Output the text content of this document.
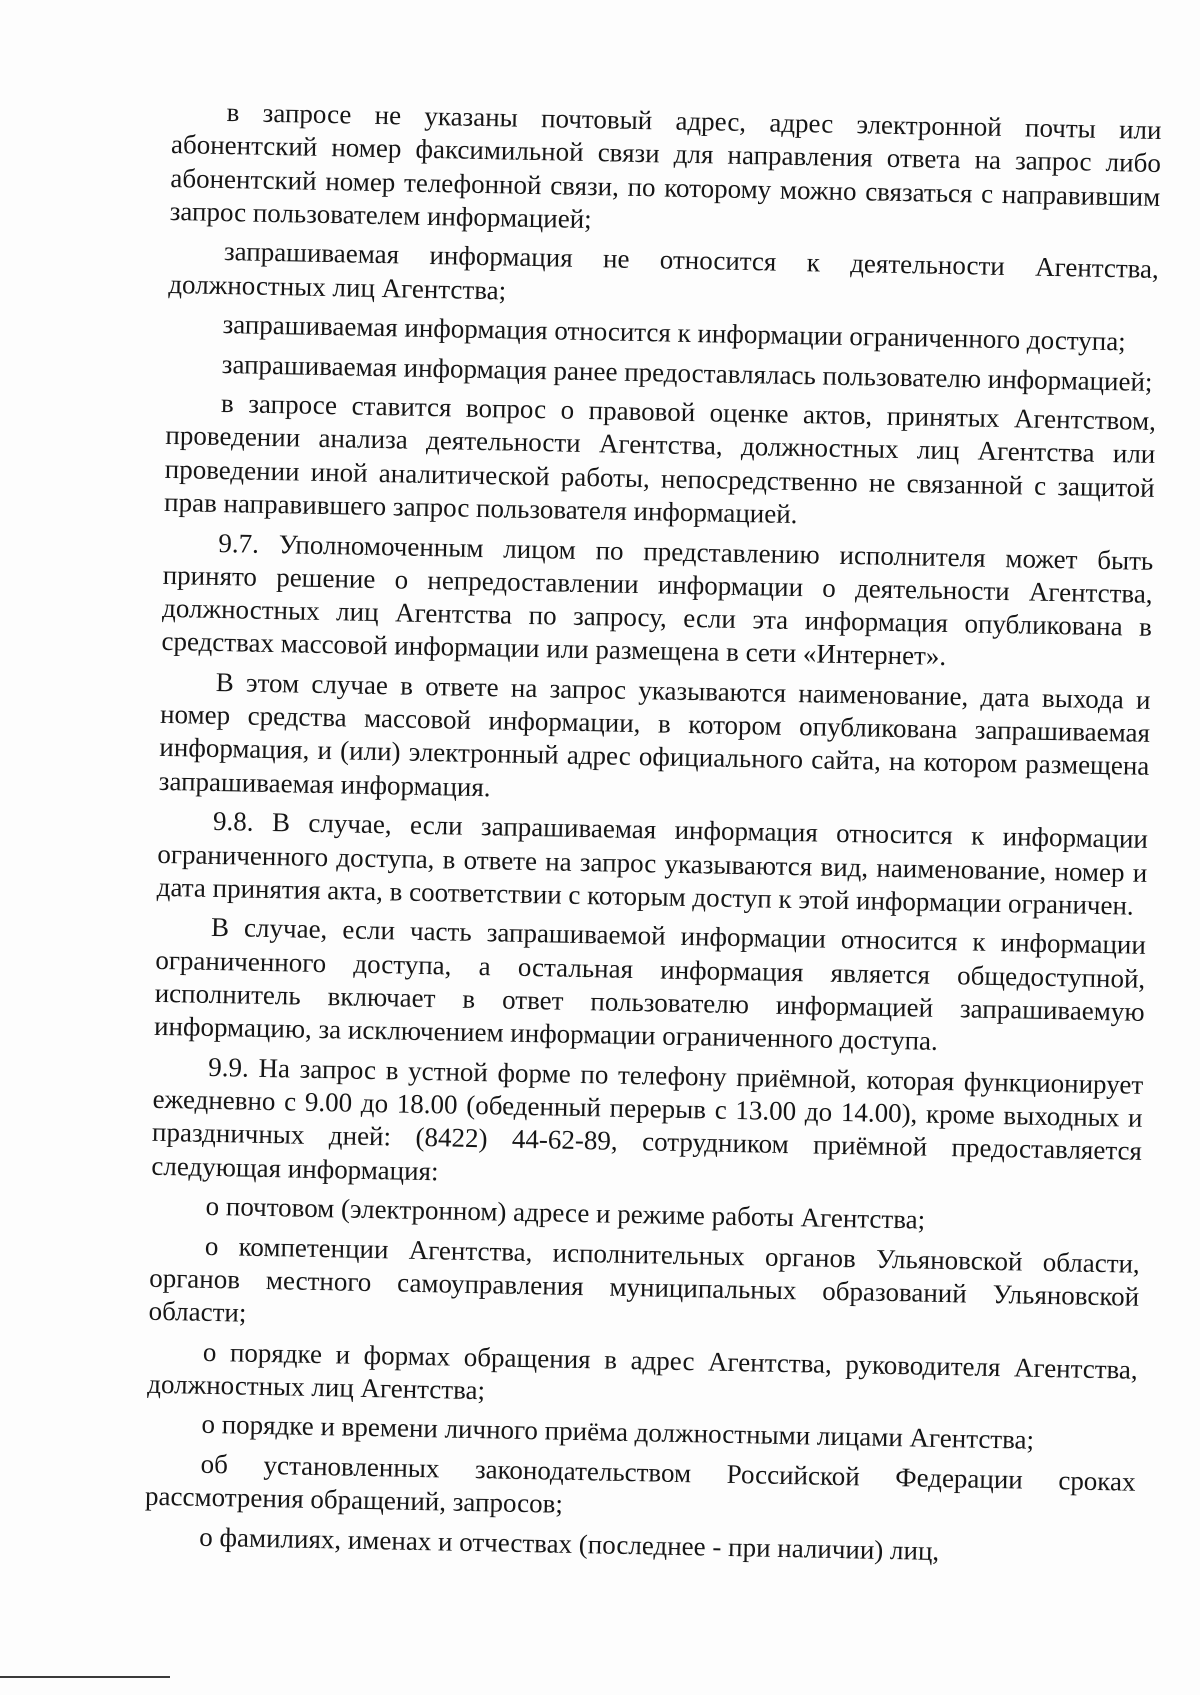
в запросе не указаны почтовый адрес, адрес электронной почты или абонентский номер факсимильной связи для направления ответа на запрос либо абонентский номер телефонной связи, по которому можно связаться с направившим запрос пользователем информацией;

запрашиваемая информация не относится к деятельности Агентства, должностных лиц Агентства;

запрашиваемая информация относится к информации ограниченного доступа;

запрашиваемая информация ранее предоставлялась пользователю информацией;

в запросе ставится вопрос о правовой оценке актов, принятых Агентством, проведении анализа деятельности Агентства, должностных лиц Агентства или проведении иной аналитической работы, непосредственно не связанной с защитой прав направившего запрос пользователя информацией.

9.7. Уполномоченным лицом по представлению исполнителя может быть принято решение о непредоставлении информации о деятельности Агентства, должностных лиц Агентства по запросу, если эта информация опубликована в средствах массовой информации или размещена в сети «Интернет».

В этом случае в ответе на запрос указываются наименование, дата выхода и номер средства массовой информации, в котором опубликована запрашиваемая информация, и (или) электронный адрес официального сайта, на котором размещена запрашиваемая информация.

9.8. В случае, если запрашиваемая информация относится к информации ограниченного доступа, в ответе на запрос указываются вид, наименование, номер и дата принятия акта, в соответствии с которым доступ к этой информации ограничен.

В случае, если часть запрашиваемой информации относится к информации ограниченного доступа, а остальная информация является общедоступной, исполнитель включает в ответ пользователю информацией запрашиваемую информацию, за исключением информации ограниченного доступа.

9.9. На запрос в устной форме по телефону приёмной, которая функционирует ежедневно с 9.00 до 18.00 (обеденный перерыв с 13.00 до 14.00), кроме выходных и праздничных дней: (8422) 44-62-89, сотрудником приёмной предоставляется следующая информация:

о почтовом (электронном) адресе и режиме работы Агентства;

о компетенции Агентства, исполнительных органов Ульяновской области, органов местного самоуправления муниципальных образований Ульяновской области;

о порядке и формах обращения в адрес Агентства, руководителя Агентства, должностных лиц Агентства;

о порядке и времени личного приёма должностными лицами Агентства;

об установленных законодательством Российской Федерации сроках рассмотрения обращений, запросов;

о фамилиях, именах и отчествах (последнее - при наличии) лиц,
